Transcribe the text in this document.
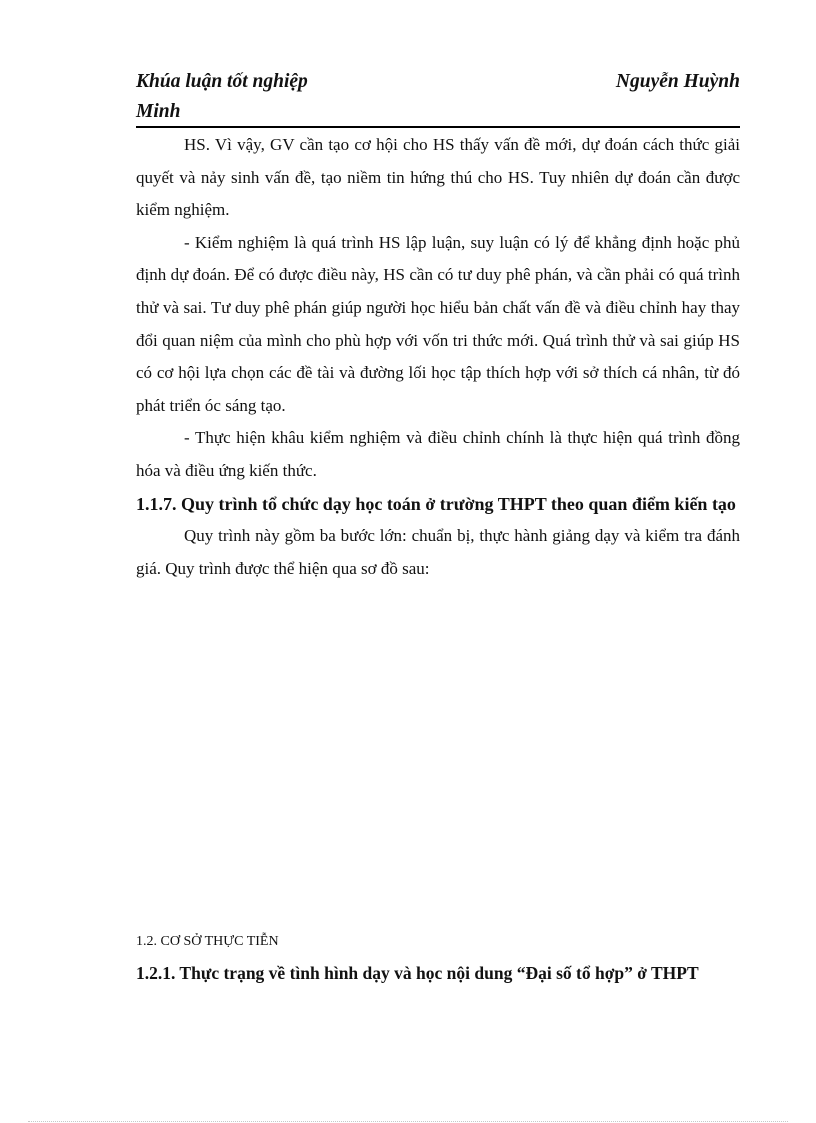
Khúa luận tốt nghiệp	Nguyễn Huỳnh
Minh

HS. Vì vậy, GV cần tạo cơ hội cho HS thấy vấn đề mới, dự đoán cách thức giải quyết và nảy sinh vấn đề, tạo niềm tin hứng thú cho HS. Tuy nhiên dự đoán cần được kiểm nghiệm.

- Kiểm nghiệm là quá trình HS lập luận, suy luận có lý để khẳng định hoặc phủ định dự đoán. Để có được điều này, HS cần có tư duy phê phán, và cần phải có quá trình thử và sai. Tư duy phê phán giúp người học hiểu bản chất vấn đề và điều chỉnh hay thay đổi quan niệm của mình cho phù hợp với vốn tri thức mới. Quá trình thử và sai giúp HS có cơ hội lựa chọn các đề tài và đường lối học tập thích hợp với sở thích cá nhân, từ đó phát triển óc sáng tạo.

- Thực hiện khâu kiểm nghiệm và điều chỉnh chính là thực hiện quá trình đồng hóa và điều ứng kiến thức.

1.1.7. Quy trình tổ chức dạy học toán ở trường THPT theo quan điểm kiến tạo

Quy trình này gồm ba bước lớn: chuẩn bị, thực hành giảng dạy và kiểm tra đánh giá. Quy trình được thể hiện qua sơ đồ sau:

1.2. CƠ SỞ THỰC TIỄN
1.2.1. Thực trạng về tình hình dạy và học nội dung “Đại số tổ hợp” ở THPT
